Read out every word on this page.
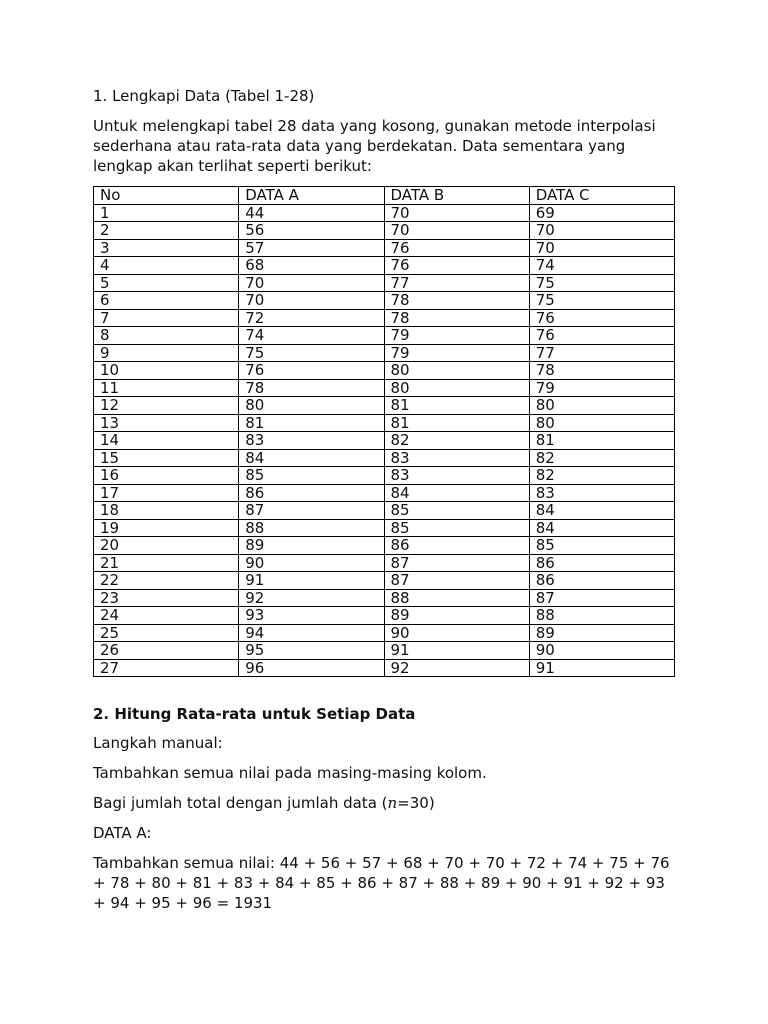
1. Lengkapi Data (Tabel 1-28)

Untuk melengkapi tabel 28 data yang kosong, gunakan metode interpolasi sederhana atau rata-rata data yang berdekatan. Data sementara yang lengkap akan terlihat seperti berikut:

No	DATA A	DATA B	DATA C
1	44	70	69
2	56	70	70
3	57	76	70
4	68	76	74
5	70	77	75
6	70	78	75
7	72	78	76
8	74	79	76
9	75	79	77
10	76	80	78
11	78	80	79
12	80	81	80
13	81	81	80
14	83	82	81
15	84	83	82
16	85	83	82
17	86	84	83
18	87	85	84
19	88	85	84
20	89	86	85
21	90	87	86
22	91	87	86
23	92	88	87
24	93	89	88
25	94	90	89
26	95	91	90
27	96	92	91

2. Hitung Rata-rata untuk Setiap Data

Langkah manual:

Tambahkan semua nilai pada masing-masing kolom.

Bagi jumlah total dengan jumlah data (n=30)

DATA A:

Tambahkan semua nilai: 44 + 56 + 57 + 68 + 70 + 70 + 72 + 74 + 75 + 76 + 78 + 80 + 81 + 83 + 84 + 85 + 86 + 87 + 88 + 89 + 90 + 91 + 92 + 93 + 94 + 95 + 96 = 1931
